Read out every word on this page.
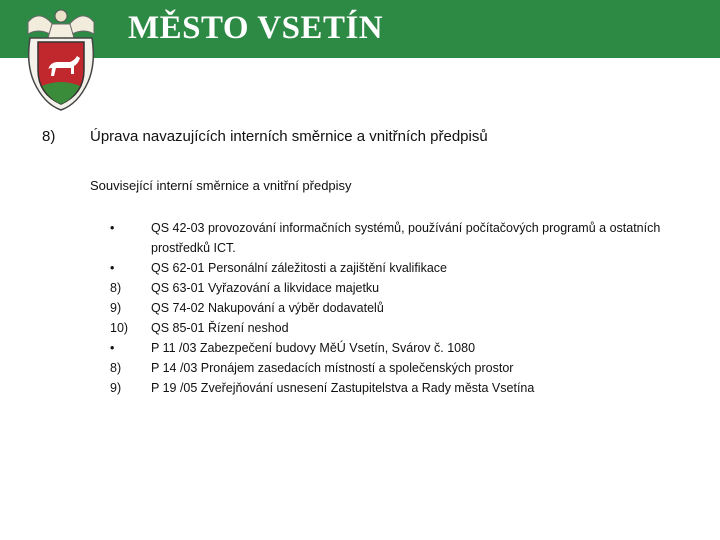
MĚSTO VSETÍN
8) Úprava navazujících interních směrnice a vnitřních předpisů
Související interní směrnice a vnitřní předpisy
•	QS 42-03 provozování informačních systémů, používání počítačových programů a ostatních prostředků ICT.
•	QS 62-01 Personální záležitosti a zajištění kvalifikace
8)	QS 63-01 Vyřazování a likvidace majetku
9)	QS 74-02 Nakupování a výběr dodavatelů
10)	QS 85-01 Řízení neshod
•	P 11 /03 Zabezpečení budovy MěÚ Vsetín, Svárov č. 1080
8)	P 14 /03 Pronájem zasedacích místností a společenských prostor
9)	P 19 /05 Zveřejňování usnesení Zastupitelstva a Rady města Vsetína
